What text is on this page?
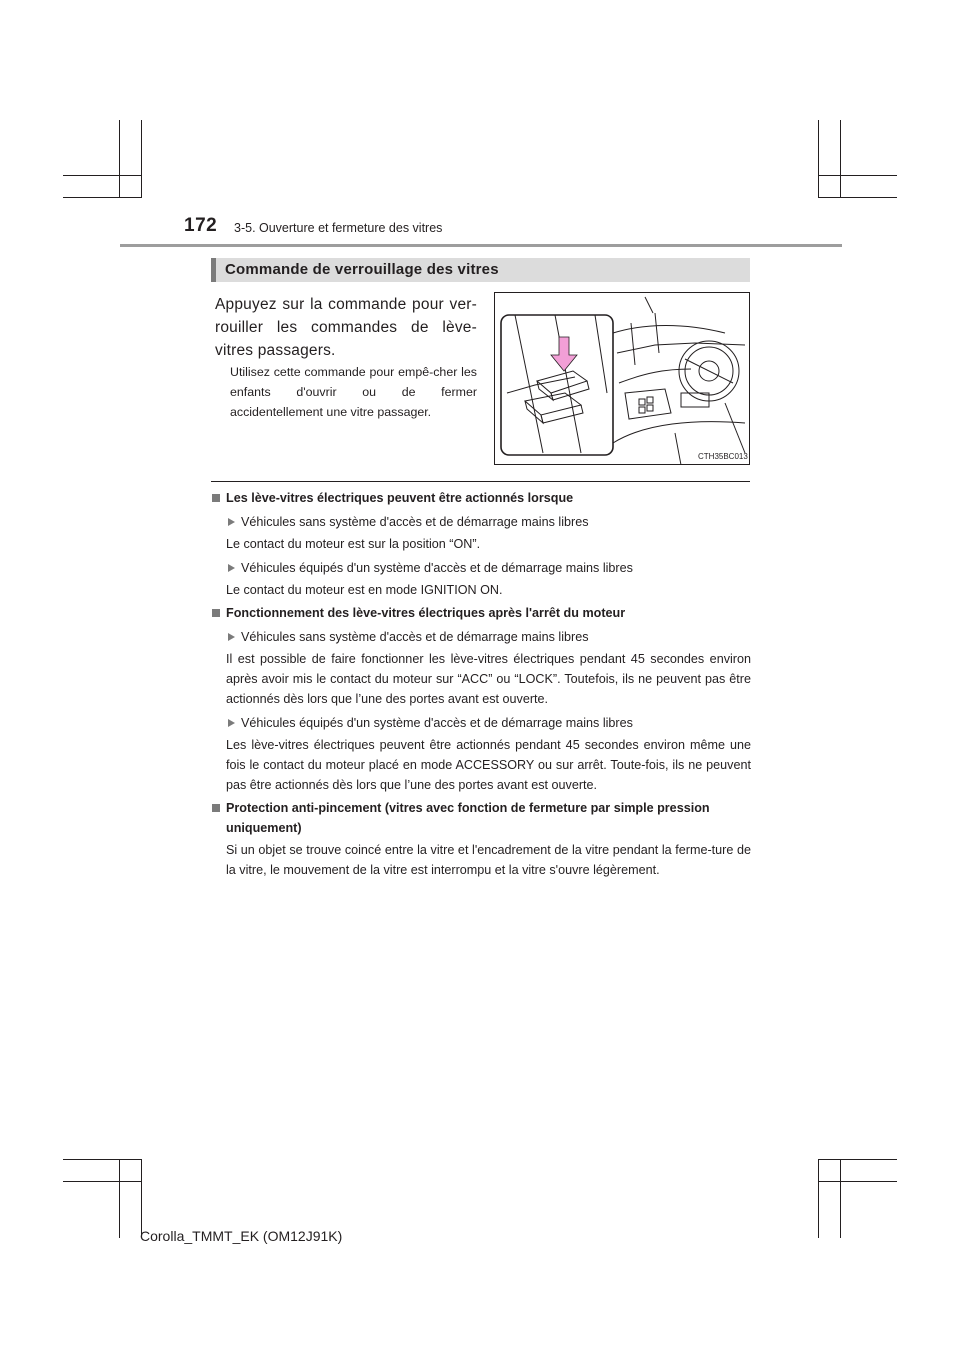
172 3-5. Ouverture et fermeture des vitres
Commande de verrouillage des vitres
Appuyez sur la commande pour ver-rouiller les commandes de lève-vitres passagers.
Utilisez cette commande pour empê-cher les enfants d'ouvrir ou de fermer accidentellement une vitre passager.
CTH35BC013
Les lève-vitres électriques peuvent être actionnés lorsque
Véhicules sans système d'accès et de démarrage mains libres
Le contact du moteur est sur la position “ON”.
Véhicules équipés d'un système d'accès et de démarrage mains libres
Le contact du moteur est en mode IGNITION ON.
Fonctionnement des lève-vitres électriques après l'arrêt du moteur
Véhicules sans système d'accès et de démarrage mains libres
Il est possible de faire fonctionner les lève-vitres électriques pendant 45 secondes environ après avoir mis le contact du moteur sur “ACC” ou “LOCK”. Toutefois, ils ne peuvent pas être actionnés dès lors que l’une des portes avant est ouverte.
Véhicules équipés d'un système d'accès et de démarrage mains libres
Les lève-vitres électriques peuvent être actionnés pendant 45 secondes environ même une fois le contact du moteur placé en mode ACCESSORY ou sur arrêt. Toute-fois, ils ne peuvent pas être actionnés dès lors que l’une des portes avant est ouverte.
Protection anti-pincement (vitres avec fonction de fermeture par simple pression uniquement)
Si un objet se trouve coincé entre la vitre et l'encadrement de la vitre pendant la ferme-ture de la vitre, le mouvement de la vitre est interrompu et la vitre s'ouvre légèrement.
Corolla_TMMT_EK (OM12J91K)
